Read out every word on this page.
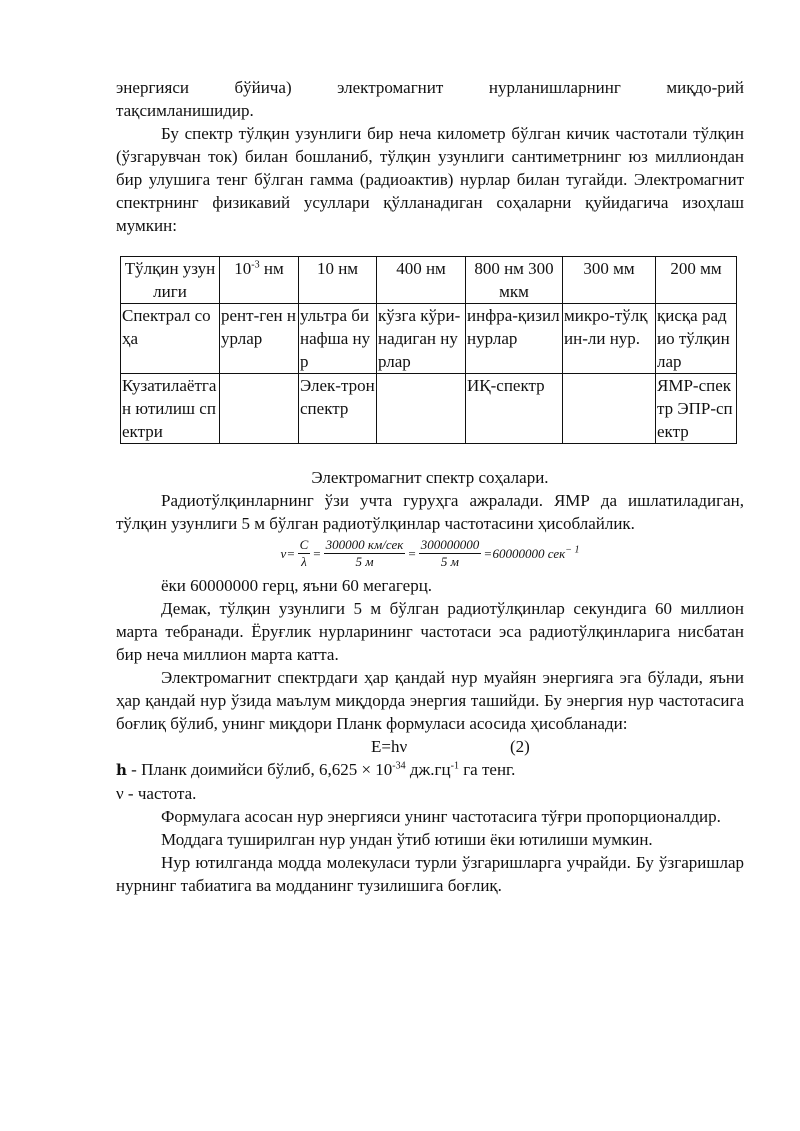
энергияси бўйича) электромагнит нурланишларнинг миқдо-рий

тақсимланишидир.

Бу спектр тўлқин узунлиги бир неча километр бўлган кичик частотали тўлқин (ўзгарувчан ток) билан бошланиб, тўлқин узунлиги сантиметрнинг юз миллиондан бир улушига тенг бўлган гамма (радиоактив) нурлар билан тугайди. Электромагнит спектрнинг физикавий усуллари қўлланадиган соҳаларни қуйидагича изоҳлаш мумкин:

Тўлқин узунлиги	$10^{-3}$ нм	10 нм	400 нм	800 нм 300 мкм	300 мм	200 мм
Спектрал соҳа	рент-ген нурлар	ультра бинафша нур	кўзга кўри-надиган нурлар	инфра-қизил нурлар	микро-тўлқин-ли нур.	қисқа радио тўлқинлар
Кузатилаётган ютилиш спектри		Элек-трон спектр		ИҚ-спектр		ЯМР-спектр ЭПР-спектр

Электромагнит спектр соҳалари.

Радиотўлқинларнинг ўзи учта гуруҳга ажралади. ЯМР да ишлатиладиган, тўлқин узунлиги 5 м бўлган радиотўлқинлар частотасини ҳисоблайлик.

$\nu = \frac{C}{\lambda} = \frac{\text{300000 км/сек}}{5 м} = \frac{300000000}{5 м} = 60000000$ сек$^{- 1}$

ёки 60000000 герц, яъни 60 мегагерц.

Демак, тўлқин узунлиги 5 м бўлган радиотўлқинлар секундига 60 миллион марта тебранади. Ёруғлик нурларининг частотаси эса радиотўлқинларига нисбатан бир неча миллион марта катта.

Электромагнит спектрдаги ҳар қандай нур муайян энергияга эга бўлади, яъни ҳар қандай нур ўзида маълум миқдорда энергия ташийди. Бу энергия нур частотасига боғлиқ бўлиб, унинг миқдори Планк формуласи асосида ҳисобланади:

E=hν	(2)

h - Планк доимийси бўлиб, $6,625 \times 10^{-34}$ $дж.гц^{-1}$ га тенг.

ν - частота.

Формулага асосан нур энергияси унинг частотасига тўғри пропорционалдир.

Моддага туширилган нур ундан ўтиб ютиши ёки ютилиши мумкин.

Нур ютилганда модда молекуласи турли ўзгаришларга учрайди. Бу ўзгаришлар нурнинг табиатига ва модданинг тузилишига боғлиқ.
